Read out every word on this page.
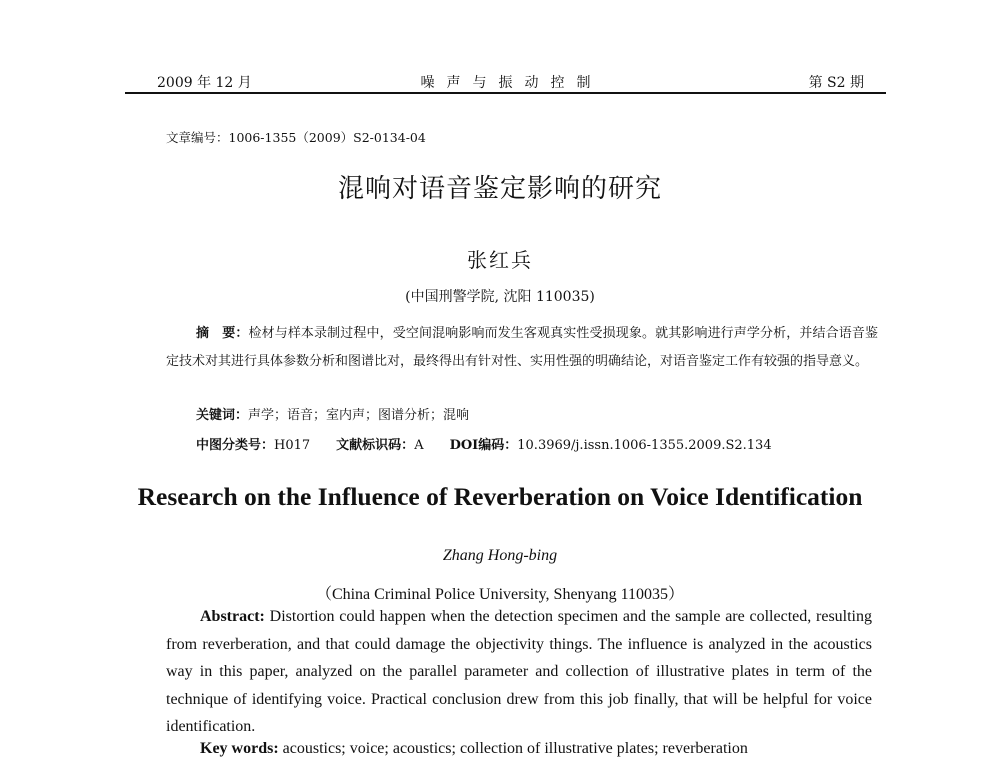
2009 年 12 月	噪声与振动控制	第 S2 期
文章编号：1006-1355（2009）S2-0134-04
混响对语音鉴定影响的研究
张红兵
(中国刑警学院, 沈阳 110035)
摘　要：检材与样本录制过程中，受空间混响影响而发生客观真实性受损现象。就其影响进行声学分析，并结合语音鉴定技术对其进行具体参数分析和图谱比对，最终得出有针对性、实用性强的明确结论，对语音鉴定工作有较强的指导意义。
关键词：声学；语音；室内声；图谱分析；混响
中图分类号：H017 文献标识码：A DOI编码：10.3969/j.issn.1006-1355.2009.S2.134
Research on the Influence of Reverberation on Voice Identification
Zhang Hong-bing
（China Criminal Police University, Shenyang 110035）
Abstract: Distortion could happen when the detection specimen and the sample are collected, resulting from reverberation, and that could damage the objectivity things. The influence is analyzed in the acoustics way in this paper, analyzed on the parallel parameter and collection of illustrative plates in term of the technique of identifying voice. Practical conclusion drew from this job finally, that will be helpful for voice identification.
Key words: acoustics; voice; acoustics; collection of illustrative plates; reverberation
